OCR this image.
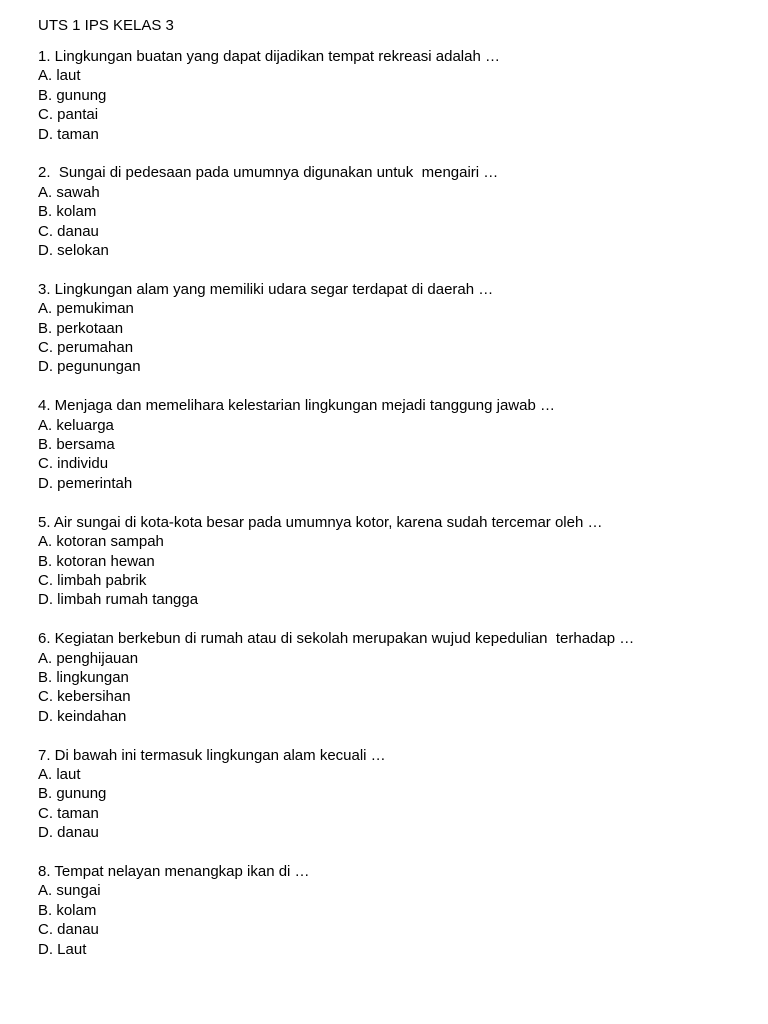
UTS 1 IPS KELAS 3
1. Lingkungan buatan yang dapat dijadikan tempat rekreasi adalah …
A. laut
B. gunung
C. pantai
D. taman
2.  Sungai di pedesaan pada umumnya digunakan untuk  mengairi …
A. sawah
B. kolam
C. danau
D. selokan
3. Lingkungan alam yang memiliki udara segar terdapat di daerah …
A. pemukiman
B. perkotaan
C. perumahan
D. pegunungan
4. Menjaga dan memelihara kelestarian lingkungan mejadi tanggung jawab …
A. keluarga
B. bersama
C. individu
D. pemerintah
5. Air sungai di kota-kota besar pada umumnya kotor, karena sudah tercemar oleh …
A. kotoran sampah
B. kotoran hewan
C. limbah pabrik
D. limbah rumah tangga
6. Kegiatan berkebun di rumah atau di sekolah merupakan wujud kepedulian  terhadap …
A. penghijauan
B. lingkungan
C. kebersihan
D. keindahan
7. Di bawah ini termasuk lingkungan alam kecuali …
A. laut
B. gunung
C. taman
D. danau
8. Tempat nelayan menangkap ikan di …
A. sungai
B. kolam
C. danau
D. Laut
